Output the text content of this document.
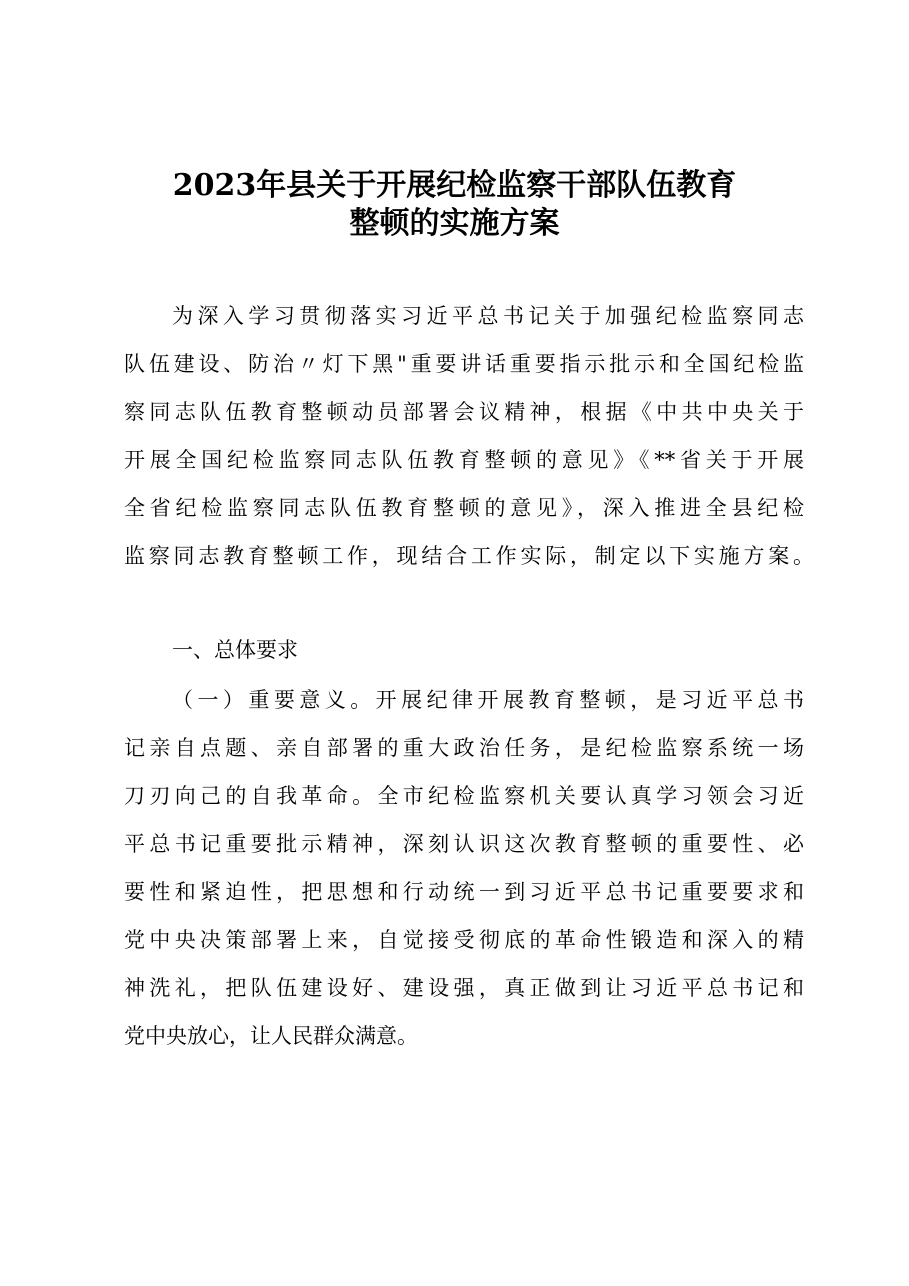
2023年县关于开展纪检监察干部队伍教育
整顿的实施方案
为深入学习贯彻落实习近平总书记关于加强纪检监察同志
队伍建设、防治〃灯下黑"重要讲话重要指示批示和全国纪检监
察同志队伍教育整顿动员部署会议精神，根据《中共中央关于
开展全国纪检监察同志队伍教育整顿的意见》《**省关于开展
全省纪检监察同志队伍教育整顿的意见》，深入推进全县纪检
监察同志教育整顿工作，现结合工作实际，制定以下实施方案。
一、总体要求
（一）重要意义。开展纪律开展教育整顿，是习近平总书
记亲自点题、亲自部署的重大政治任务，是纪检监察系统一场
刀刃向己的自我革命。全市纪检监察机关要认真学习领会习近
平总书记重要批示精神，深刻认识这次教育整顿的重要性、必
要性和紧迫性，把思想和行动统一到习近平总书记重要要求和
党中央决策部署上来，自觉接受彻底的革命性锻造和深入的精
神洗礼，把队伍建设好、建设强，真正做到让习近平总书记和
党中央放心，让人民群众满意。
